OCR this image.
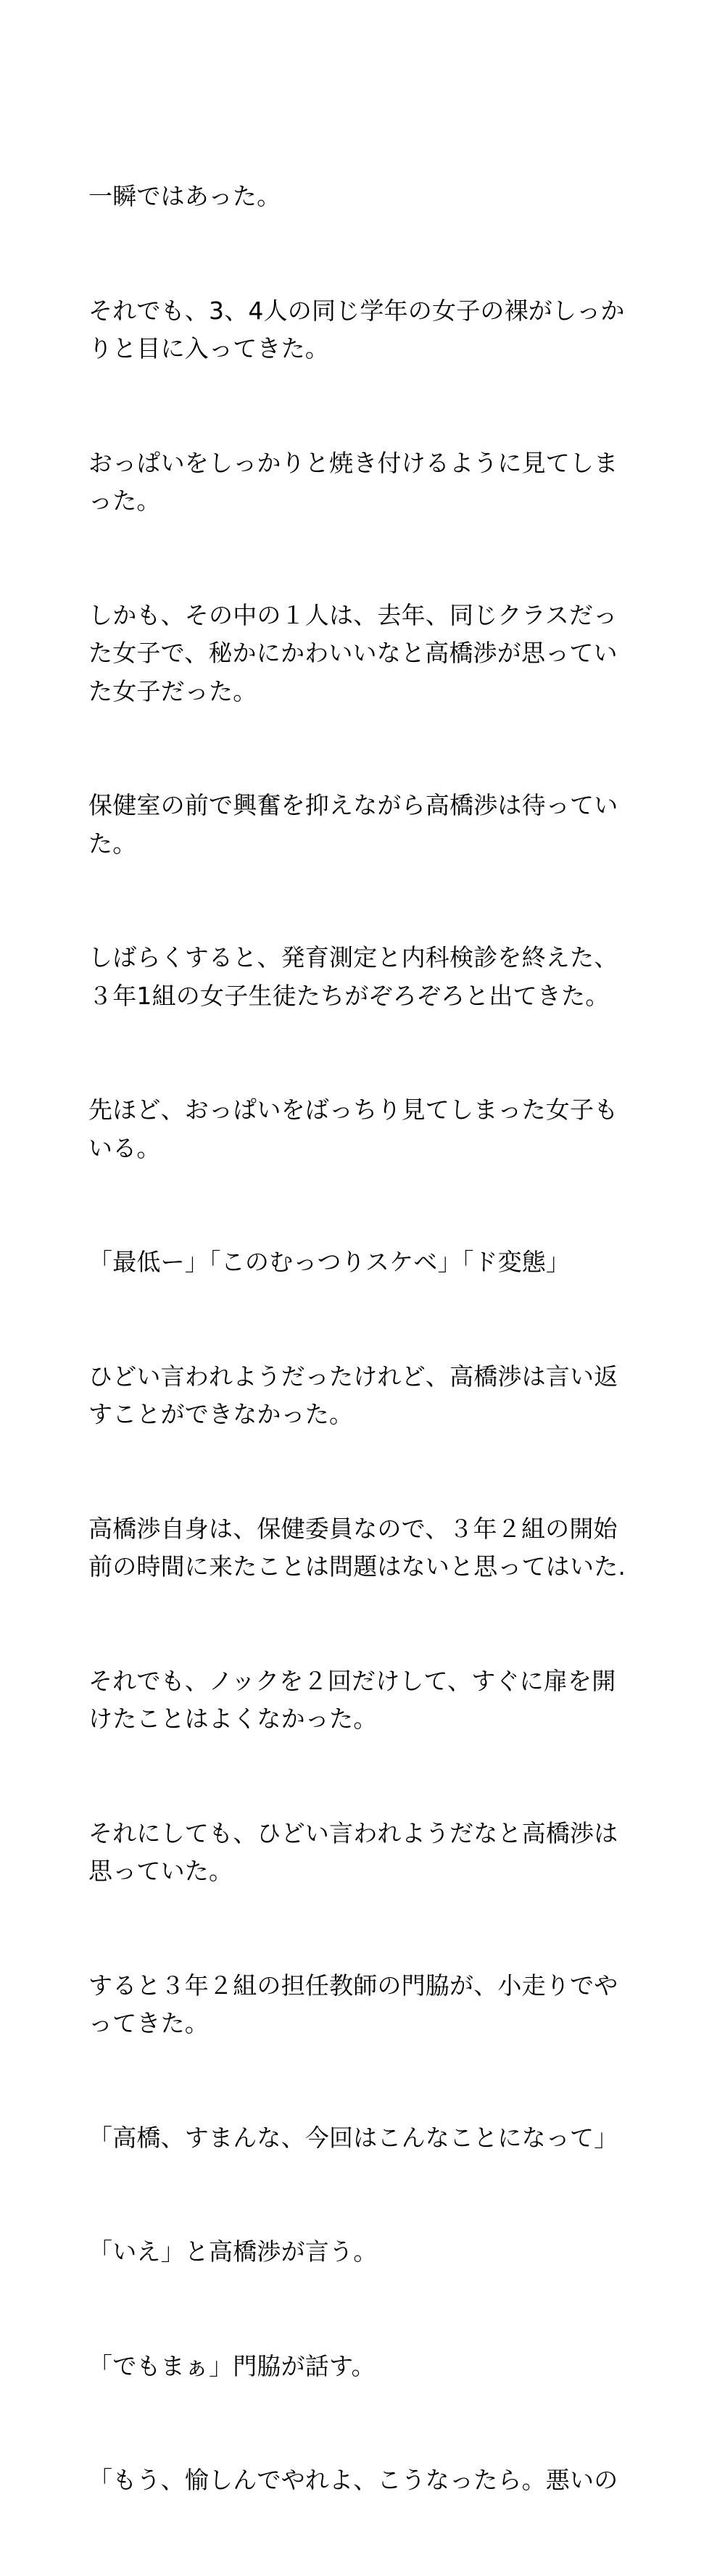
一瞬ではあった。

それでも、3、4人の同じ学年の女子の裸がしっかりと目に入ってきた。

おっぱいをしっかりと焼き付けるように見てしまった。

しかも、その中の１人は、去年、同じクラスだった女子で、秘かにかわいいなと高橋渉が思っていた女子だった。

保健室の前で興奮を抑えながら高橋渉は待っていた。

しばらくすると、発育測定と内科検診を終えた、３年1組の女子生徒たちがぞろぞろと出てきた。

先ほど、おっぱいをばっちり見てしまった女子もいる。

「最低ー」「このむっつりスケベ」「ド変態」

ひどい言われようだったけれど、高橋渉は言い返すことができなかった。

高橋渉自身は、保健委員なので、３年２組の開始前の時間に来たことは問題はないと思ってはいた.

それでも、ノックを２回だけして、すぐに扉を開けたことはよくなかった。

それにしても、ひどい言われようだなと高橋渉は思っていた。

すると３年２組の担任教師の門脇が、小走りでやってきた。

「高橋、すまんな、今回はこんなことになって」

「いえ」と高橋渉が言う。

「でもまぁ」門脇が話す。

「もう、愉しんでやれよ、こうなったら。悪いの
